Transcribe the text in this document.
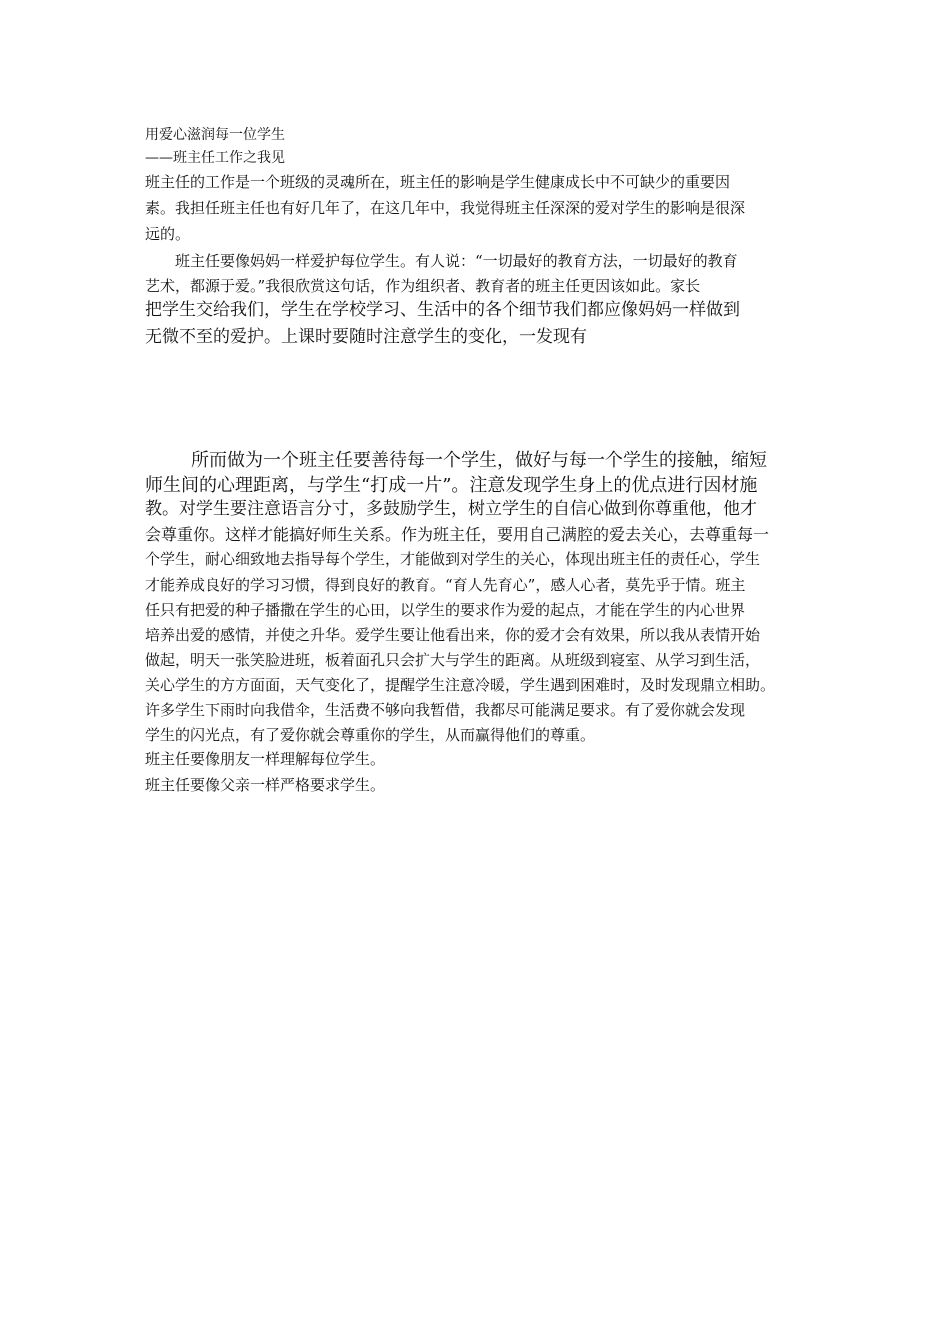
用爱心滋润每一位学生
——班主任工作之我见
班主任的工作是一个班级的灵魂所在，班主任的影响是学生健康成长中不可缺少的重要因
素。我担任班主任也有好几年了，在这几年中，我觉得班主任深深的爱对学生的影响是很深
远的。
班主任要像妈妈一样爱护每位学生。有人说：“一切最好的教育方法，一切最好的教育
艺术，都源于爱。”我很欣赏这句话，作为组织者、教育者的班主任更因该如此。家长
把学生交给我们，学生在学校学习、生活中的各个细节我们都应像妈妈一样做到
无微不至的爱护。上课时要随时注意学生的变化，一发现有
所而做为一个班主任要善待每一个学生，做好与每一个学生的接触，缩短
师生间的心理距离，与学生“打成一片”。注意发现学生身上的优点进行因材施
教。对学生要注意语言分寸，多鼓励学生，树立学生的自信心做到你尊重他，他才
会尊重你。这样才能搞好师生关系。作为班主任，要用自己满腔的爱去关心，去尊重每一
个学生，耐心细致地去指导每个学生，才能做到对学生的关心，体现出班主任的责任心，学生
才能养成良好的学习习惯，得到良好的教育。“育人先育心”，感人心者，莫先乎于情。班主
任只有把爱的种子播撒在学生的心田，以学生的要求作为爱的起点，才能在学生的内心世界
培养出爱的感情，并使之升华。爱学生要让他看出来，你的爱才会有效果，所以我从表情开始
做起，明天一张笑脸进班，板着面孔只会扩大与学生的距离。从班级到寝室、从学习到生活，
关心学生的方方面面，天气变化了，提醒学生注意冷暖，学生遇到困难时，及时发现鼎立相助。
许多学生下雨时向我借伞，生活费不够向我暂借，我都尽可能满足要求。有了爱你就会发现
学生的闪光点，有了爱你就会尊重你的学生，从而赢得他们的尊重。
班主任要像朋友一样理解每位学生。
班主任要像父亲一样严格要求学生。
